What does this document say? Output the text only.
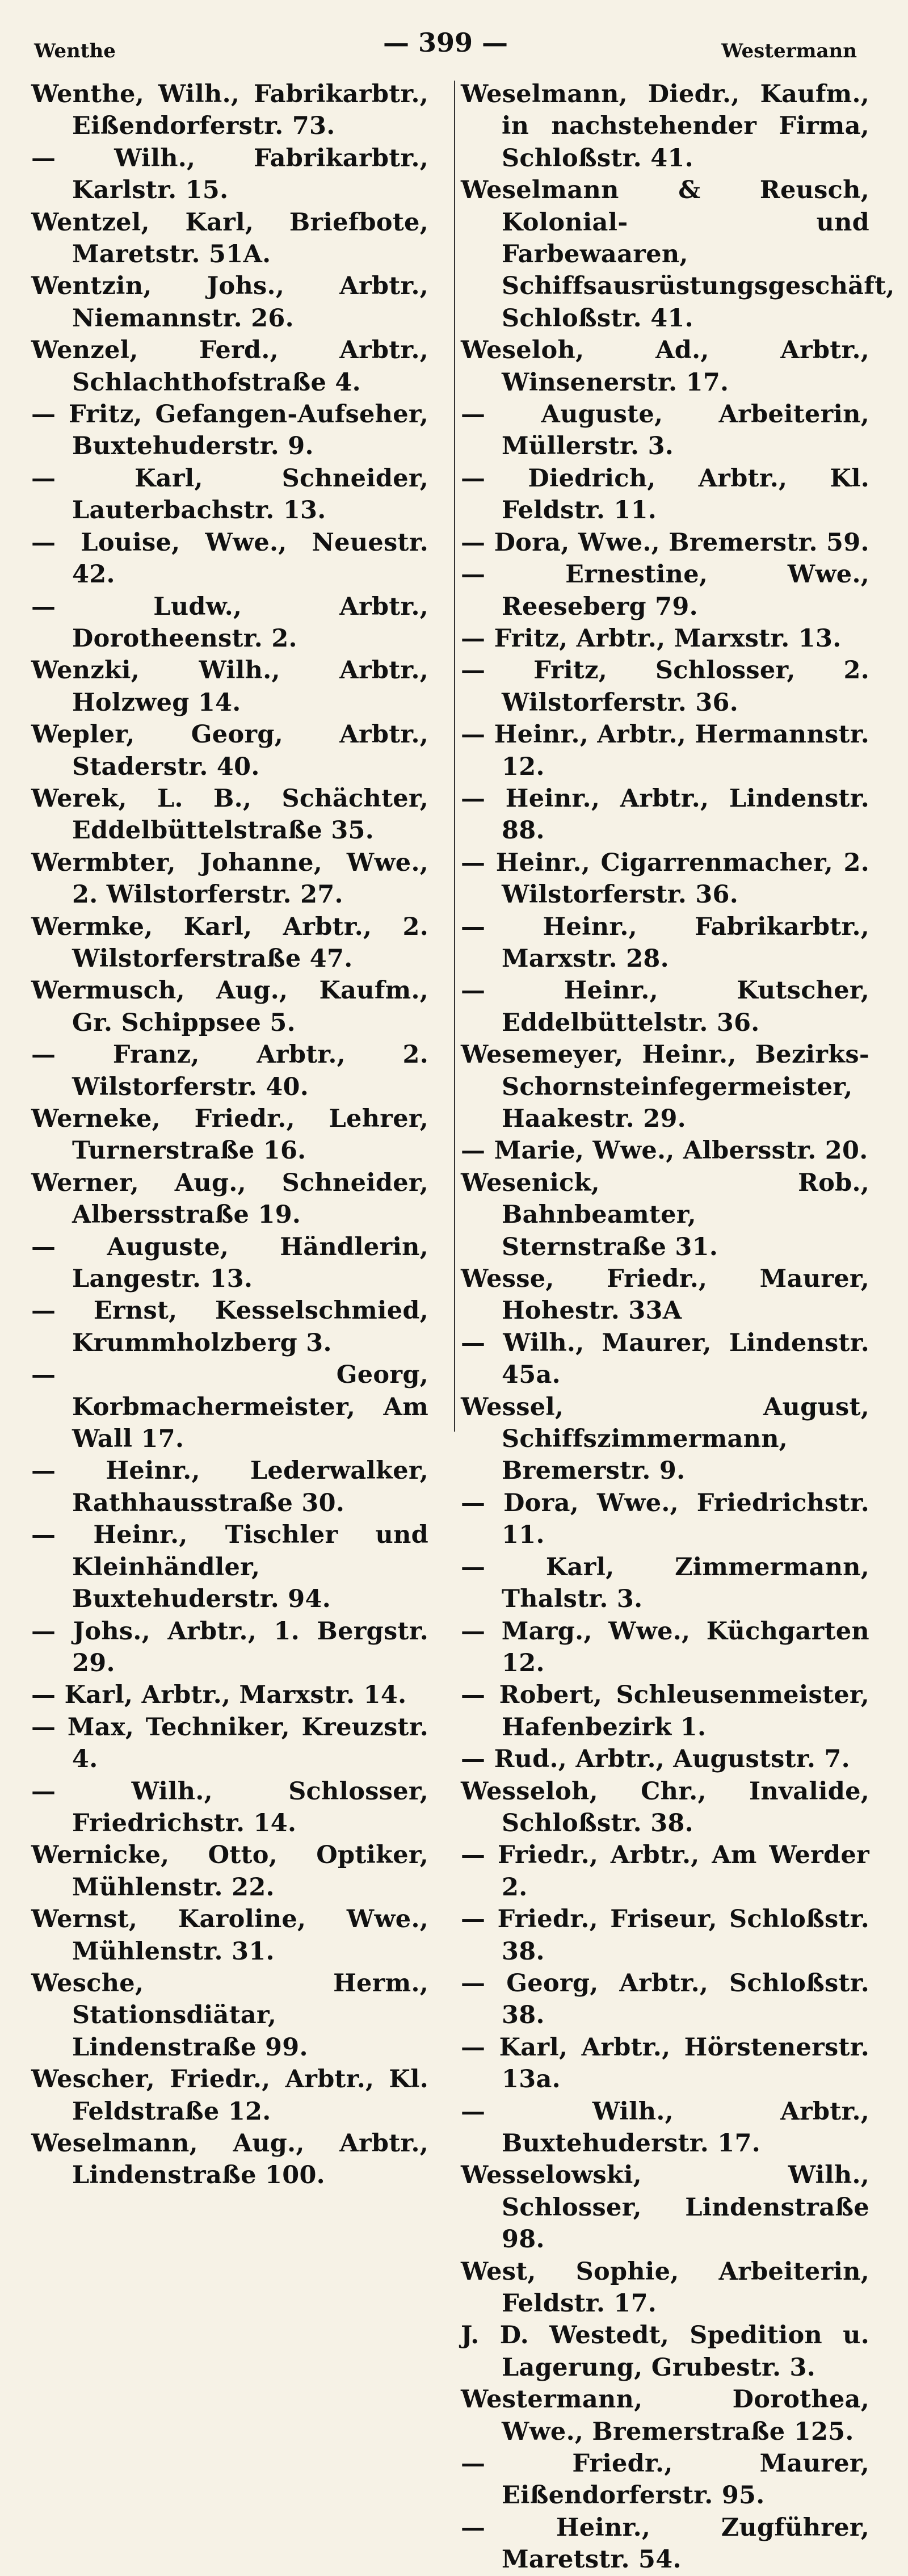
Wenthe	— 399 —	Westermann
Wenthe, Wilh., Fabrikarbtr., Eißendorferstr. 73.
— Wilh., Fabrikarbtr., Karlstr. 15.
Wentzel, Karl, Briefbote, Maretstr. 51A.
Wentzin, Johs., Arbtr., Niemannstr. 26.
Wenzel, Ferd., Arbtr., Schlachthofstraße 4.
— Fritz, Gefangen-Aufseher, Buxtehuderstr. 9.
— Karl, Schneider, Lauterbachstr. 13.
— Louise, Wwe., Neuestr. 42.
— Ludw., Arbtr., Dorotheenstr. 2.
Wenzki, Wilh., Arbtr., Holzweg 14.
Wepler, Georg, Arbtr., Staderstr. 40.
Werek, L. B., Schächter, Eddelbüttelstraße 35.
Wermbter, Johanne, Wwe., 2. Wilstorferstr. 27.
Wermke, Karl, Arbtr., 2. Wilstorferstraße 47.
Wermusch, Aug., Kaufm., Gr. Schippsee 5.
— Franz, Arbtr., 2. Wilstorferstr. 40.
Werneke, Friedr., Lehrer, Turnerstraße 16.
Werner, Aug., Schneider, Albersstraße 19.
— Auguste, Händlerin, Langestr. 13.
— Ernst, Kesselschmied, Krummholzberg 3.
— Georg, Korbmachermeister, Am Wall 17.
— Heinr., Lederwalker, Rathhausstraße 30.
— Heinr., Tischler und Kleinhändler, Buxtehuderstr. 94.
— Johs., Arbtr., 1. Bergstr. 29.
— Karl, Arbtr., Marxstr. 14.
— Max, Techniker, Kreuzstr. 4.
— Wilh., Schlosser, Friedrichstr. 14.
Wernicke, Otto, Optiker, Mühlenstr. 22.
Wernst, Karoline, Wwe., Mühlenstr. 31.
Wesche, Herm., Stationsdiätar, Lindenstraße 99.
Wescher, Friedr., Arbtr., Kl. Feldstraße 12.
Weselmann, Aug., Arbtr., Lindenstraße 100.
Weselmann, Diedr., Kaufm., in nachstehender Firma, Schloßstr. 41.
Weselmann & Reusch, Kolonial- und Farbewaaren, Schiffsausrüstungsgeschäft, Schloßstr. 41.
Weseloh, Ad., Arbtr., Winsenerstr. 17.
— Auguste, Arbeiterin, Müllerstr. 3.
— Diedrich, Arbtr., Kl. Feldstr. 11.
— Dora, Wwe., Bremerstr. 59.
— Ernestine, Wwe., Reeseberg 79.
— Fritz, Arbtr., Marxstr. 13.
— Fritz, Schlosser, 2. Wilstorferstr. 36.
— Heinr., Arbtr., Hermannstr. 12.
— Heinr., Arbtr., Lindenstr. 88.
— Heinr., Cigarrenmacher, 2. Wilstorferstr. 36.
— Heinr., Fabrikarbtr., Marxstr. 28.
— Heinr., Kutscher, Eddelbüttelstr. 36.
Wesemeyer, Heinr., Bezirks-Schornsteinfegermeister, Haakestr. 29.
— Marie, Wwe., Albersstr. 20.
Wesenick, Rob., Bahnbeamter, Sternstraße 31.
Wesse, Friedr., Maurer, Hohestr. 33A
— Wilh., Maurer, Lindenstr. 45a.
Wessel, August, Schiffszimmermann, Bremerstr. 9.
— Dora, Wwe., Friedrichstr. 11.
— Karl, Zimmermann, Thalstr. 3.
— Marg., Wwe., Küchgarten 12.
— Robert, Schleusenmeister, Hafenbezirk 1.
— Rud., Arbtr., Auguststr. 7.
Wesseloh, Chr., Invalide, Schloßstr. 38.
— Friedr., Arbtr., Am Werder 2.
— Friedr., Friseur, Schloßstr. 38.
— Georg, Arbtr., Schloßstr. 38.
— Karl, Arbtr., Hörstenerstr. 13a.
— Wilh., Arbtr., Buxtehuderstr. 17.
Wesselowski, Wilh., Schlosser, Lindenstraße 98.
West, Sophie, Arbeiterin, Feldstr. 17.
J. D. Westedt, Spedition u. Lagerung, Grubestr. 3.
Westermann, Dorothea, Wwe., Bremerstraße 125.
— Friedr., Maurer, Eißendorferstr. 95.
— Heinr., Zugführer, Maretstr. 54.
